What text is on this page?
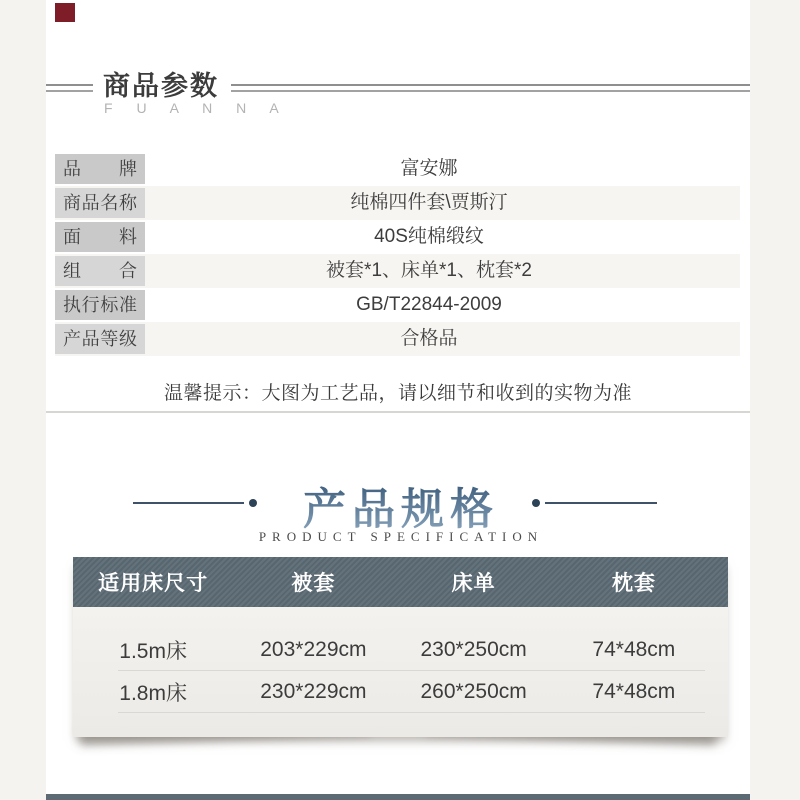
商品参数
F U A N N A
品牌	富安娜
商品名称	纯棉四件套\贾斯汀
面料	40S纯棉缎纹
组合	被套*1、床单*1、枕套*2
执行标准	GB/T22844-2009
产品等级	合格品
温馨提示：大图为工艺品，请以细节和收到的实物为准
产品规格
PRODUCT SPECIFICATION
适用床尺寸	被套	床单	枕套
1.5m床	203*229cm	230*250cm	74*48cm
1.8m床	230*229cm	260*250cm	74*48cm
